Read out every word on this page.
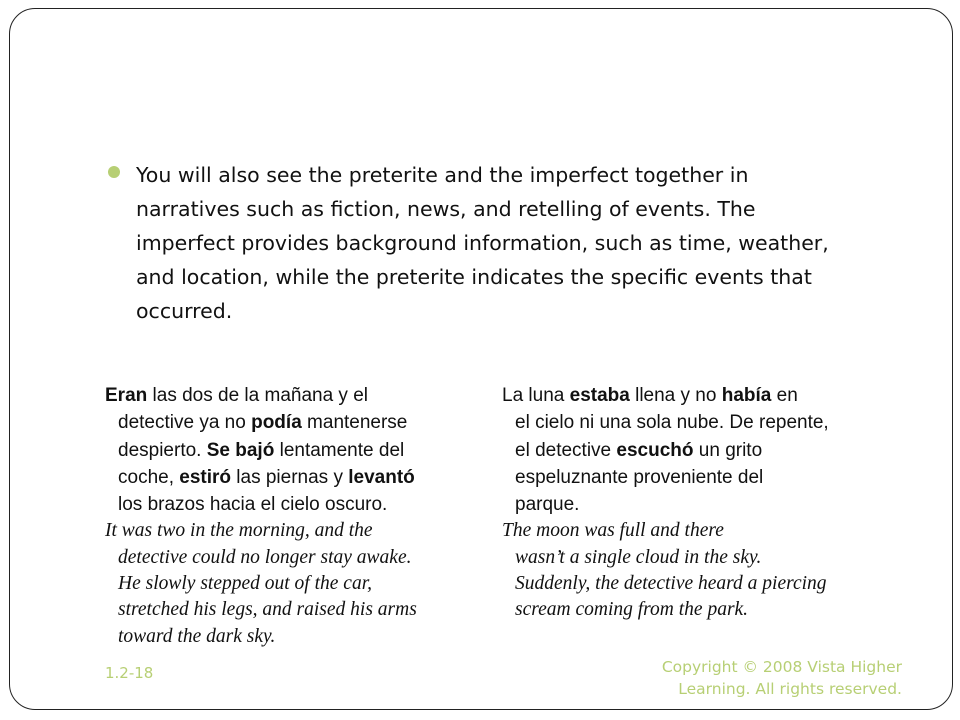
You will also see the preterite and the imperfect together in
narratives such as fiction, news, and retelling of events. The
imperfect provides background information, such as time, weather,
and location, while the preterite indicates the specific events that
occurred.
Eran las dos de la mañana y el
detective ya no podía mantenerse
despierto. Se bajó lentamente del
coche, estiró las piernas y levantó
los brazos hacia el cielo oscuro.
It was two in the morning, and the
detective could no longer stay awake.
He slowly stepped out of the car,
stretched his legs, and raised his arms
toward the dark sky.
La luna estaba llena y no había en
el cielo ni una sola nube. De repente,
el detective escuchó un grito
espeluznante proveniente del
parque.
The moon was full and there
wasn’t a single cloud in the sky.
Suddenly, the detective heard a piercing
scream coming from the park.
1.2-18	Copyright © 2008 Vista Higher
Learning. All rights reserved.
